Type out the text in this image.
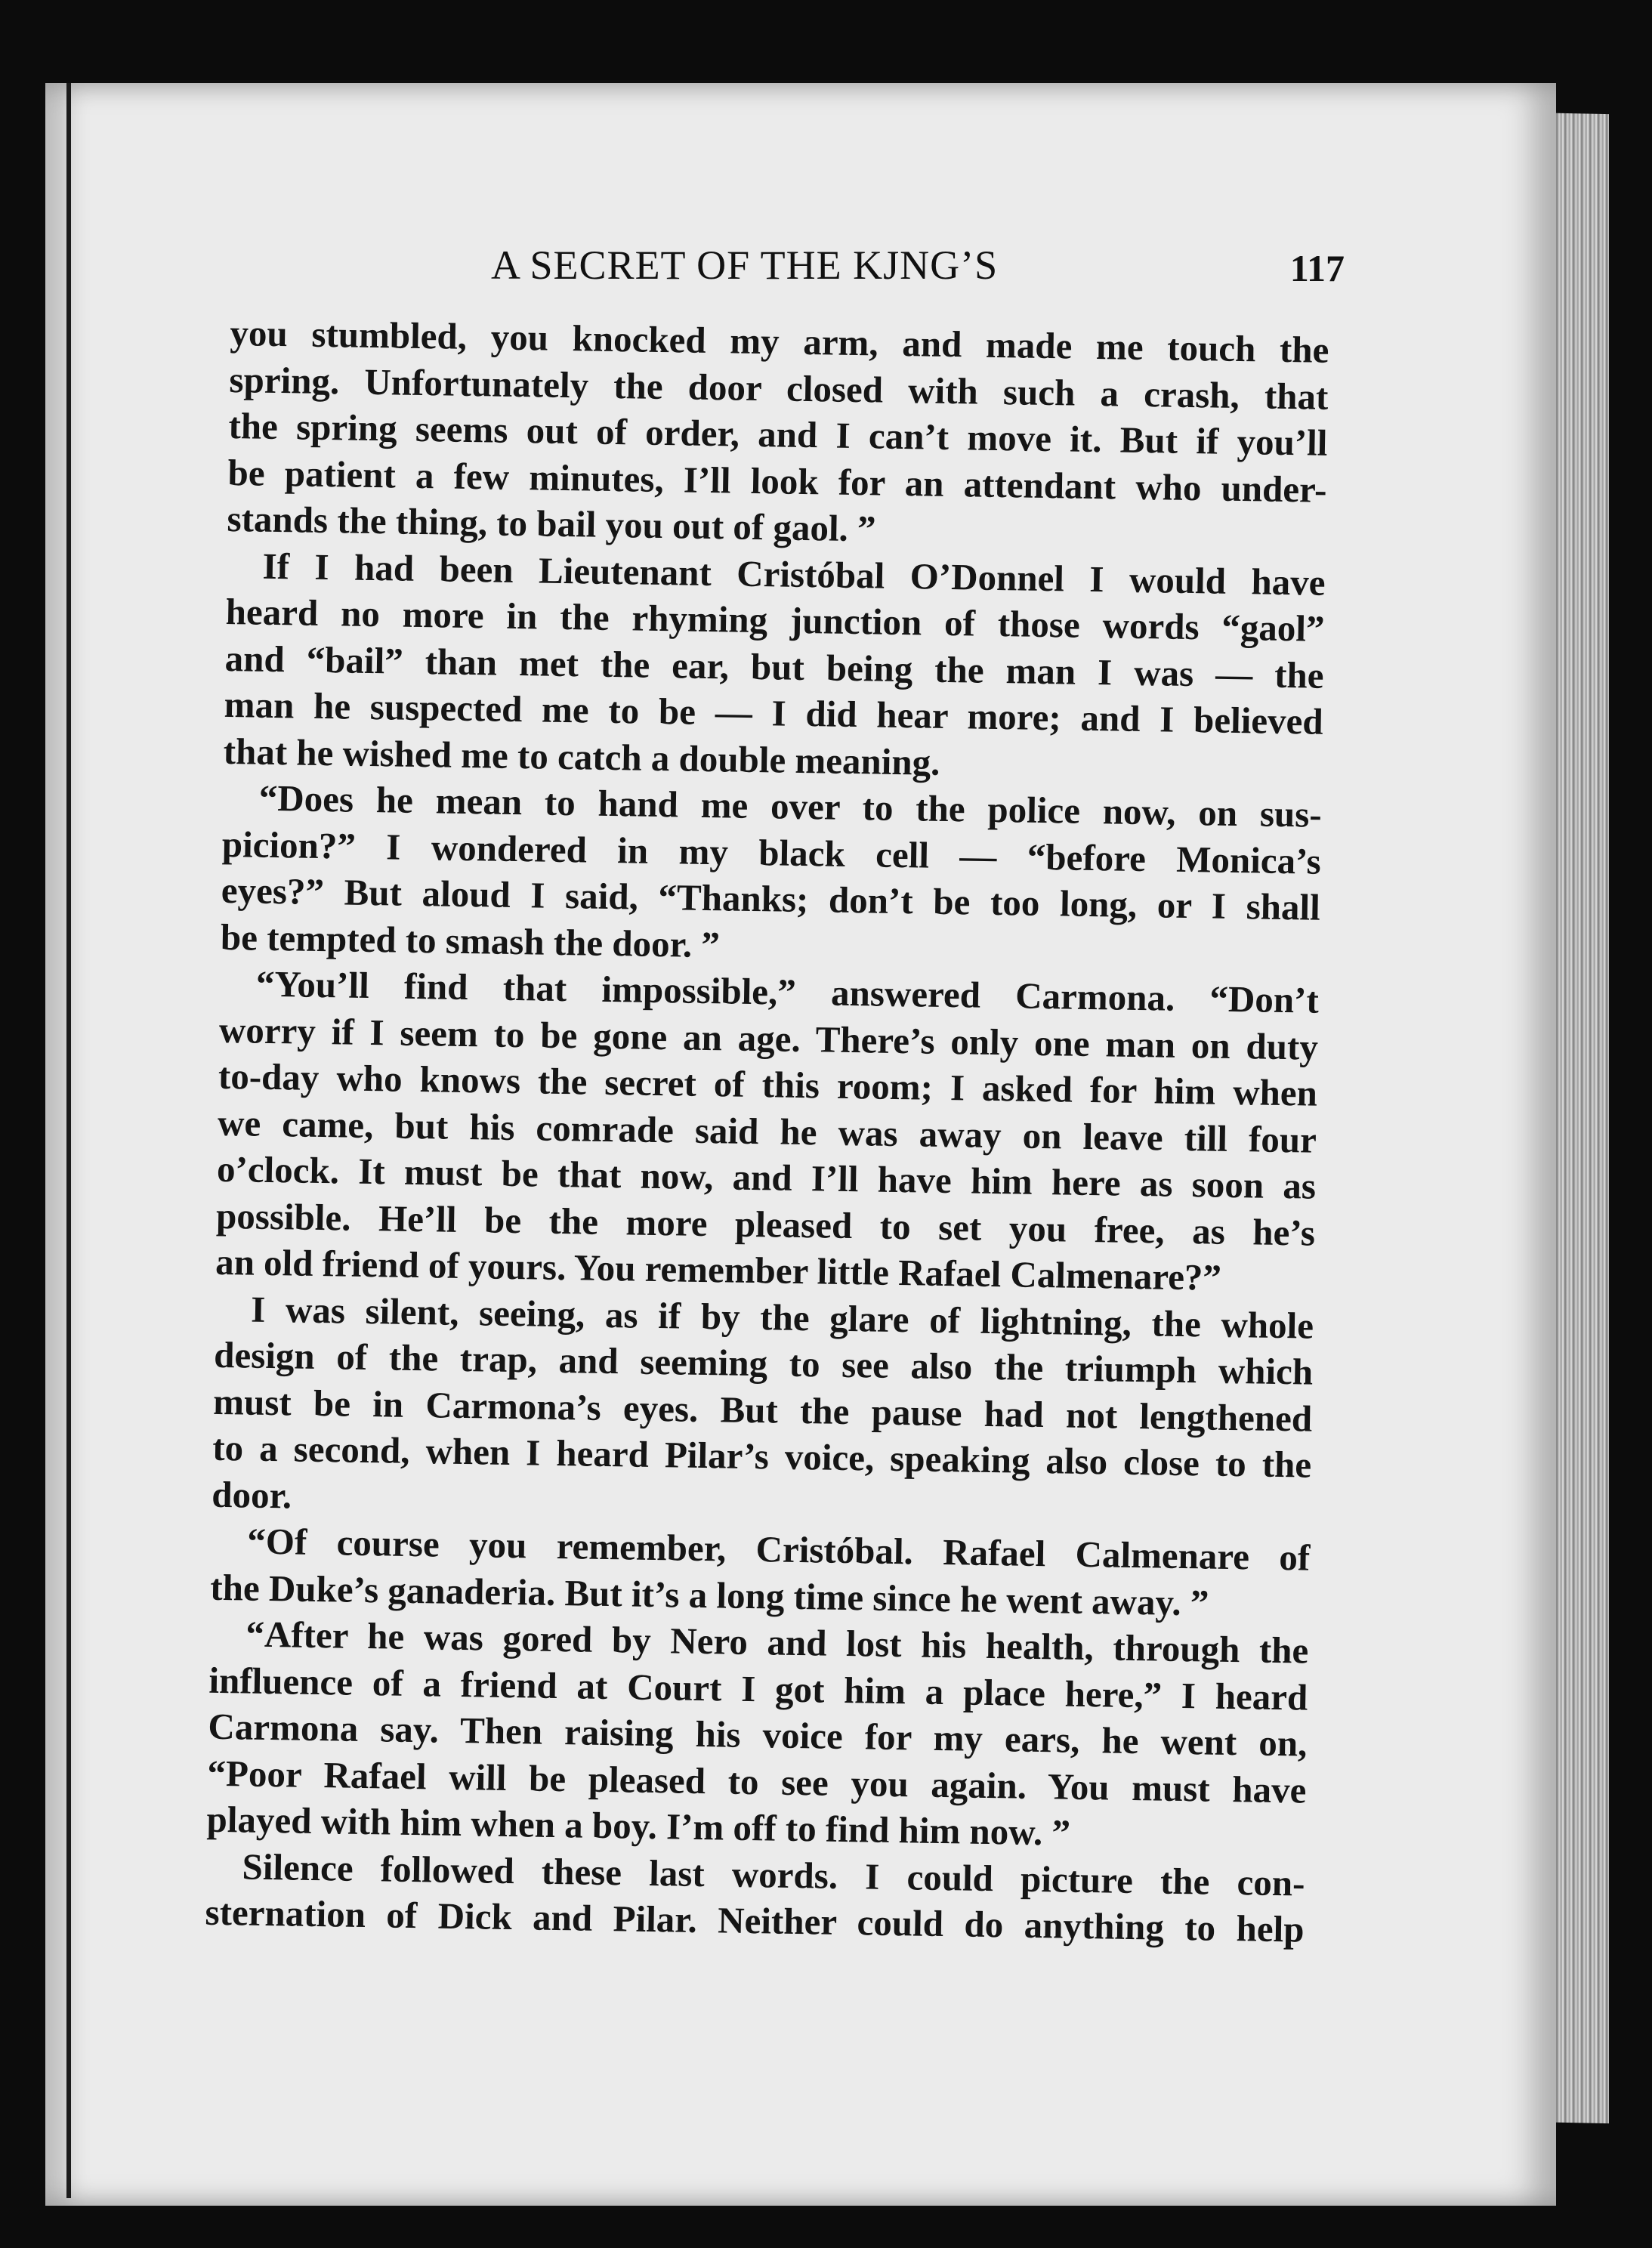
A SECRET OF THE KJNG’S	117
you stumbled, you knocked my arm, and made me touch the
spring. Unfortunately the door closed with such a crash, that
the spring seems out of order, and I can’t move it. But if you’ll
be patient a few minutes, I’ll look for an attendant who under-
stands the thing, to bail you out of gaol. ”
If I had been Lieutenant Cristóbal O’Donnel I would have
heard no more in the rhyming junction of those words “gaol”
and “bail” than met the ear, but being the man I was — the
man he suspected me to be — I did hear more; and I believed
that he wished me to catch a double meaning.
“Does he mean to hand me over to the police now, on sus-
picion?” I wondered in my black cell — “before Monica’s
eyes?” But aloud I said, “Thanks; don’t be too long, or I shall
be tempted to smash the door. ”
“You’ll find that impossible,” answered Carmona. “Don’t
worry if I seem to be gone an age. There’s only one man on duty
to-day who knows the secret of this room; I asked for him when
we came, but his comrade said he was away on leave till four
o’clock. It must be that now, and I’ll have him here as soon as
possible. He’ll be the more pleased to set you free, as he’s
an old friend of yours. You remember little Rafael Calmenare?”
I was silent, seeing, as if by the glare of lightning, the whole
design of the trap, and seeming to see also the triumph which
must be in Carmona’s eyes. But the pause had not lengthened
to a second, when I heard Pilar’s voice, speaking also close to the
door.
“Of course you remember, Cristóbal. Rafael Calmenare of
the Duke’s ganaderia. But it’s a long time since he went away. ”
“After he was gored by Nero and lost his health, through the
influence of a friend at Court I got him a place here,” I heard
Carmona say. Then raising his voice for my ears, he went on,
“Poor Rafael will be pleased to see you again. You must have
played with him when a boy. I’m off to find him now. ”
Silence followed these last words. I could picture the con-
sternation of Dick and Pilar. Neither could do anything to help
